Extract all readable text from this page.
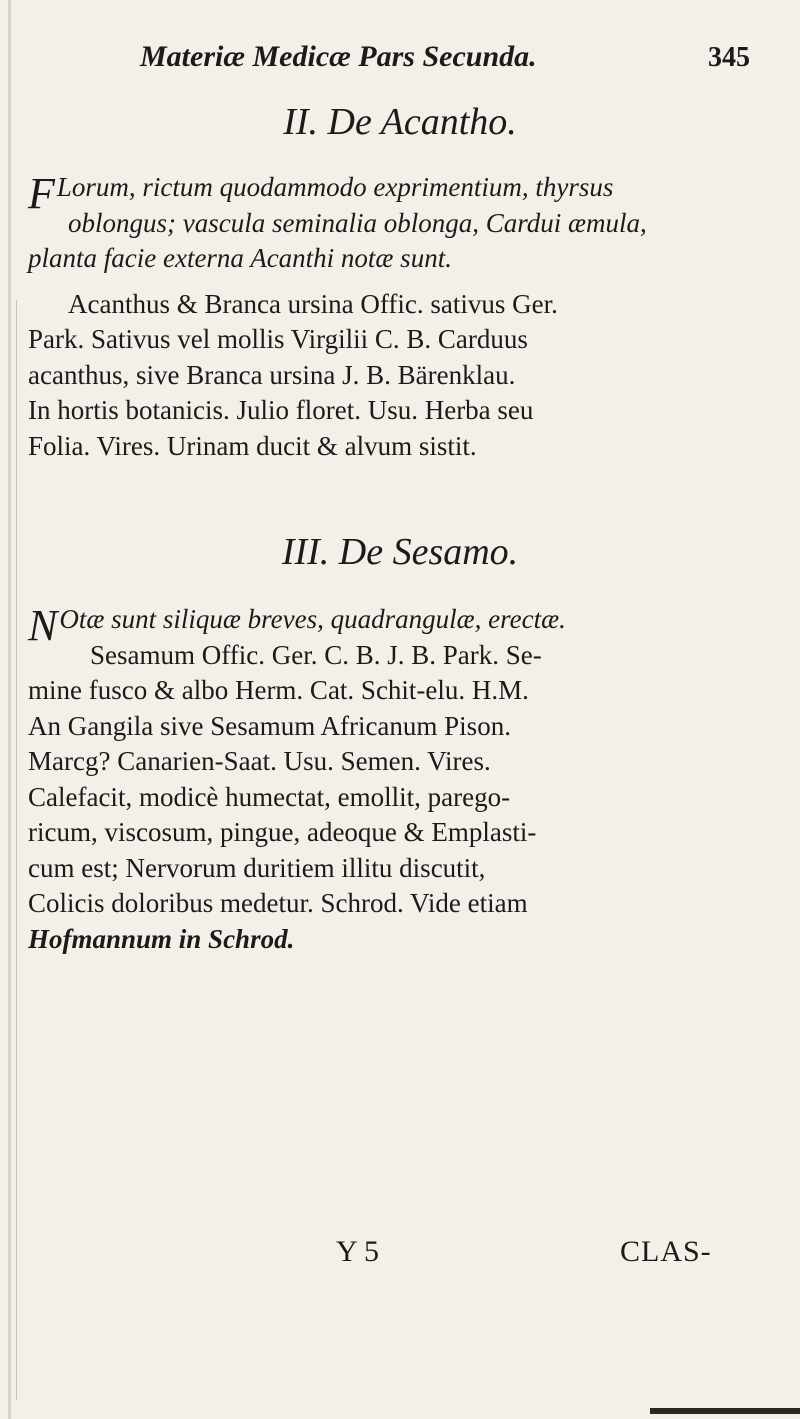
Materiæ Medicæ Pars Secunda.	345
II. De Acantho.
F Lorum, rictum quodammodo exprimentium, thyrsus
oblongus; vascula seminalia oblonga, Cardui æmula,
planta facie externa Acanthi notæ sunt.
Acanthus & Branca ursina Offic. sativus Ger.
Park. Sativus vel mollis Virgilii C. B. Carduus
acanthus, sive Branca ursina J. B. Bärenklau.
In hortis botanicis. Julio floret. Usu. Herba seu
Folia. Vires. Urinam ducit & alvum sistit.
III. De Sesamo.
N Otæ sunt siliquæ breves, quadrangulæ, erectæ.
Sesamum Offic. Ger. C. B. J. B. Park. Se-
mine fusco & albo Herm. Cat. Schit-elu. H.M.
An Gangila sive Sesamum Africanum Pison.
Marcg? Canarien-Saat. Usu. Semen. Vires.
Calefacit, modicè humectat, emollit, parego-
ricum, viscosum, pingue, adeoque & Emplasti-
cum est; Nervorum duritiem illitu discutit,
Colicis doloribus medetur. Schrod. Vide etiam
Hofmannum in Schrod.
Y 5	CLAS-
